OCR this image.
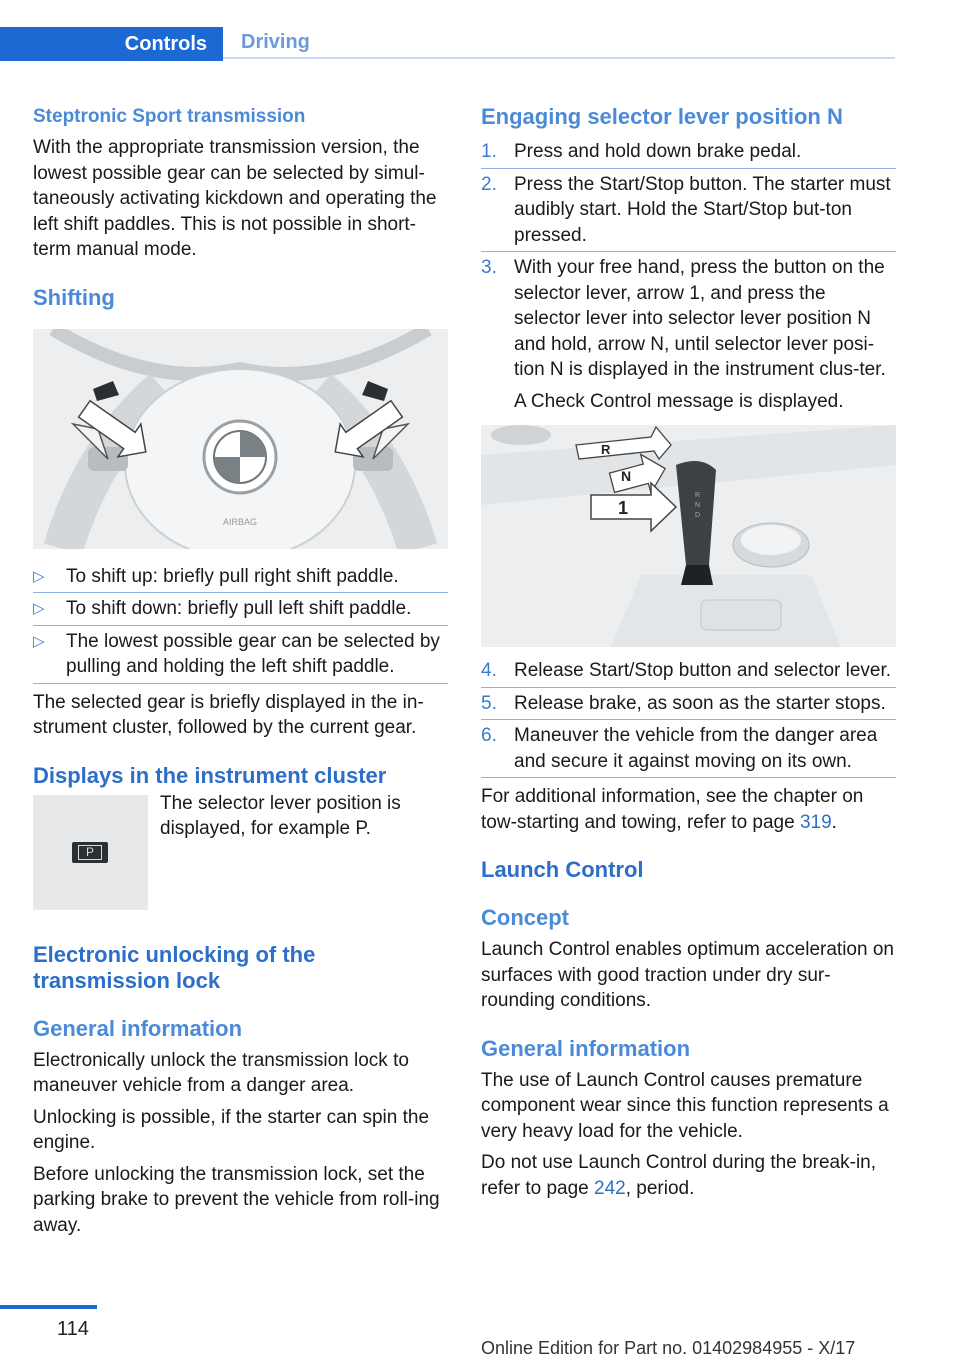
Controls	Driving

Steptronic Sport transmission

With the appropriate transmission version, the lowest possible gear can be selected by simul-taneously activating kickdown and operating the left shift paddles. This is not possible in short-term manual mode.

Shifting

AIRBAG
▷	To shift up: briefly pull right shift paddle.
▷	To shift down: briefly pull left shift paddle.
▷	The lowest possible gear can be selected by pulling and holding the left shift paddle.

The selected gear is briefly displayed in the in-strument cluster, followed by the current gear.

Displays in the instrument cluster

P

The selector lever position is displayed, for example P.

Electronic unlocking of the transmission lock

General information

Electronically unlock the transmission lock to maneuver vehicle from a danger area.

Unlocking is possible, if the starter can spin the engine.

Before unlocking the transmission lock, set the parking brake to prevent the vehicle from roll-ing away.

Engaging selector lever position N

1. Press and hold down brake pedal.
2. Press the Start/Stop button. The starter must audibly start. Hold the Start/Stop but-ton pressed.
3. With your free hand, press the button on the selector lever, arrow 1, and press the selector lever into selector lever position N and hold, arrow N, until selector lever posi-tion N is displayed in the instrument clus-ter.

A Check Control message is displayed.

R
N
D
R
N
1
4. Release Start/Stop button and selector lever.
5. Release brake, as soon as the starter stops.
6. Maneuver the vehicle from the danger area and secure it against moving on its own.

For additional information, see the chapter on tow-starting and towing, refer to page 319.

Launch Control

Concept

Launch Control enables optimum acceleration on surfaces with good traction under dry sur-rounding conditions.

General information

The use of Launch Control causes premature component wear since this function represents a very heavy load for the vehicle.

Do not use Launch Control during the break-in, refer to page 242, period.

114
Online Edition for Part no. 01402984955 - X/17
